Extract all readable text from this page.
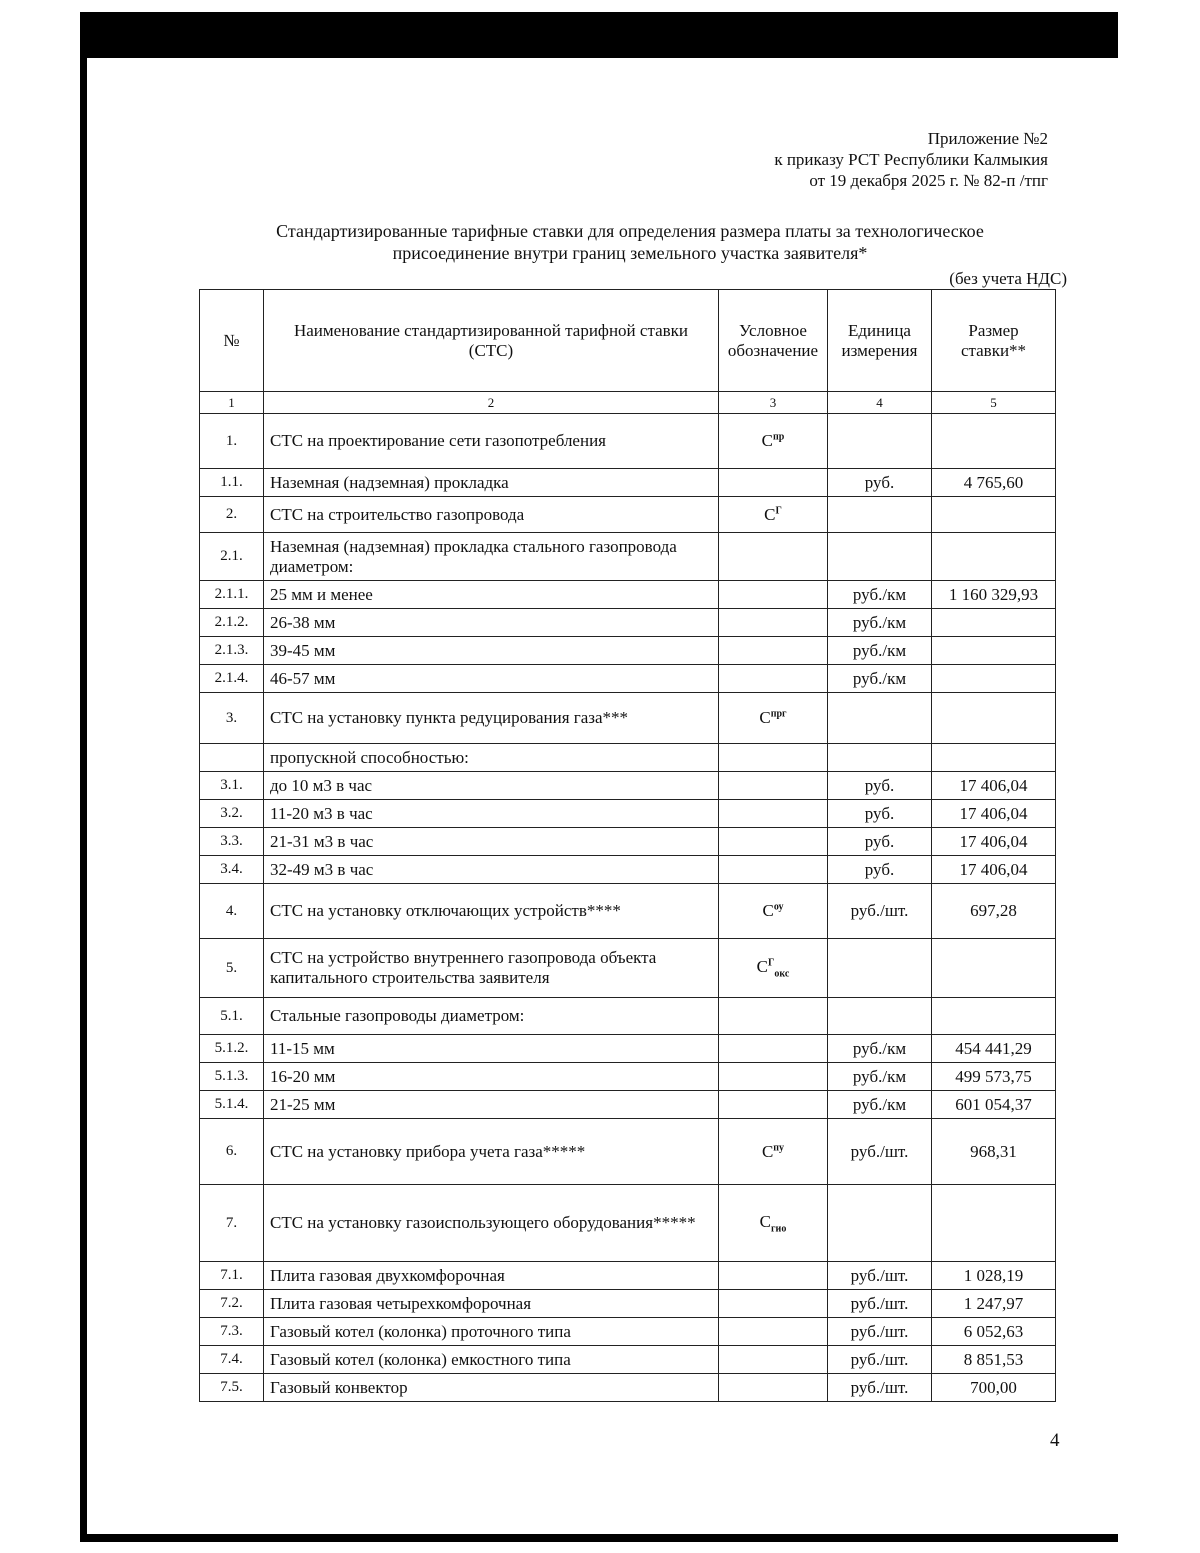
Приложение №2
к приказу РСТ Республики Калмыкия
от 19 декабря 2025 г. № 82-п /тпг
Стандартизированные тарифные ставки для определения размера платы за технологическое
присоединение внутри границ земельного участка заявителя*
(без учета НДС)
№	Наименование стандартизированной тарифной ставки (СТС)	Условное обозначение	Единица измерения	Размер ставки**
1	2	3	4	5
1.	СТС на проектирование сети газопотребления	$С^{пр}$		
1.1.	Наземная (надземная) прокладка		руб.	4 765,60
2.	СТС на строительство газопровода	$С^Г$		
2.1.	Наземная (надземная) прокладка стального газопровода диаметром:			
2.1.1.	25 мм и менее		руб./км	1 160 329,93
2.1.2.	26-38 мм		руб./км	
2.1.3.	39-45 мм		руб./км	
2.1.4.	46-57 мм		руб./км	
3.	СТС на установку пункта редуцирования газа***	$С^{прг}$		
	пропускной способностью:			
3.1.	до 10 м3 в час		руб.	17 406,04
3.2.	11-20 м3 в час		руб.	17 406,04
3.3.	21-31 м3 в час		руб.	17 406,04
3.4.	32-49 м3 в час		руб.	17 406,04
4.	СТС на установку отключающих устройств****	$С^{оу}$	руб./шт.	697,28
5.	СТС на устройство внутреннего газопровода объекта капитального строительства заявителя	$С^Г_{окс}$		
5.1.	Стальные газопроводы диаметром:			
5.1.2.	11-15 мм		руб./км	454 441,29
5.1.3.	16-20 мм		руб./км	499 573,75
5.1.4.	21-25 мм		руб./км	601 054,37
6.	СТС на установку прибора учета газа*****	$С^{пу}$	руб./шт.	968,31
7.	СТС на установку газоиспользующего оборудования*****	$С_{гио}$		
7.1.	Плита газовая двухкомфорочная		руб./шт.	1 028,19
7.2.	Плита газовая четырехкомфорочная		руб./шт.	1 247,97
7.3.	Газовый котел (колонка) проточного типа		руб./шт.	6 052,63
7.4.	Газовый котел (колонка) емкостного типа		руб./шт.	8 851,53
7.5.	Газовый конвектор		руб./шт.	700,00
4
